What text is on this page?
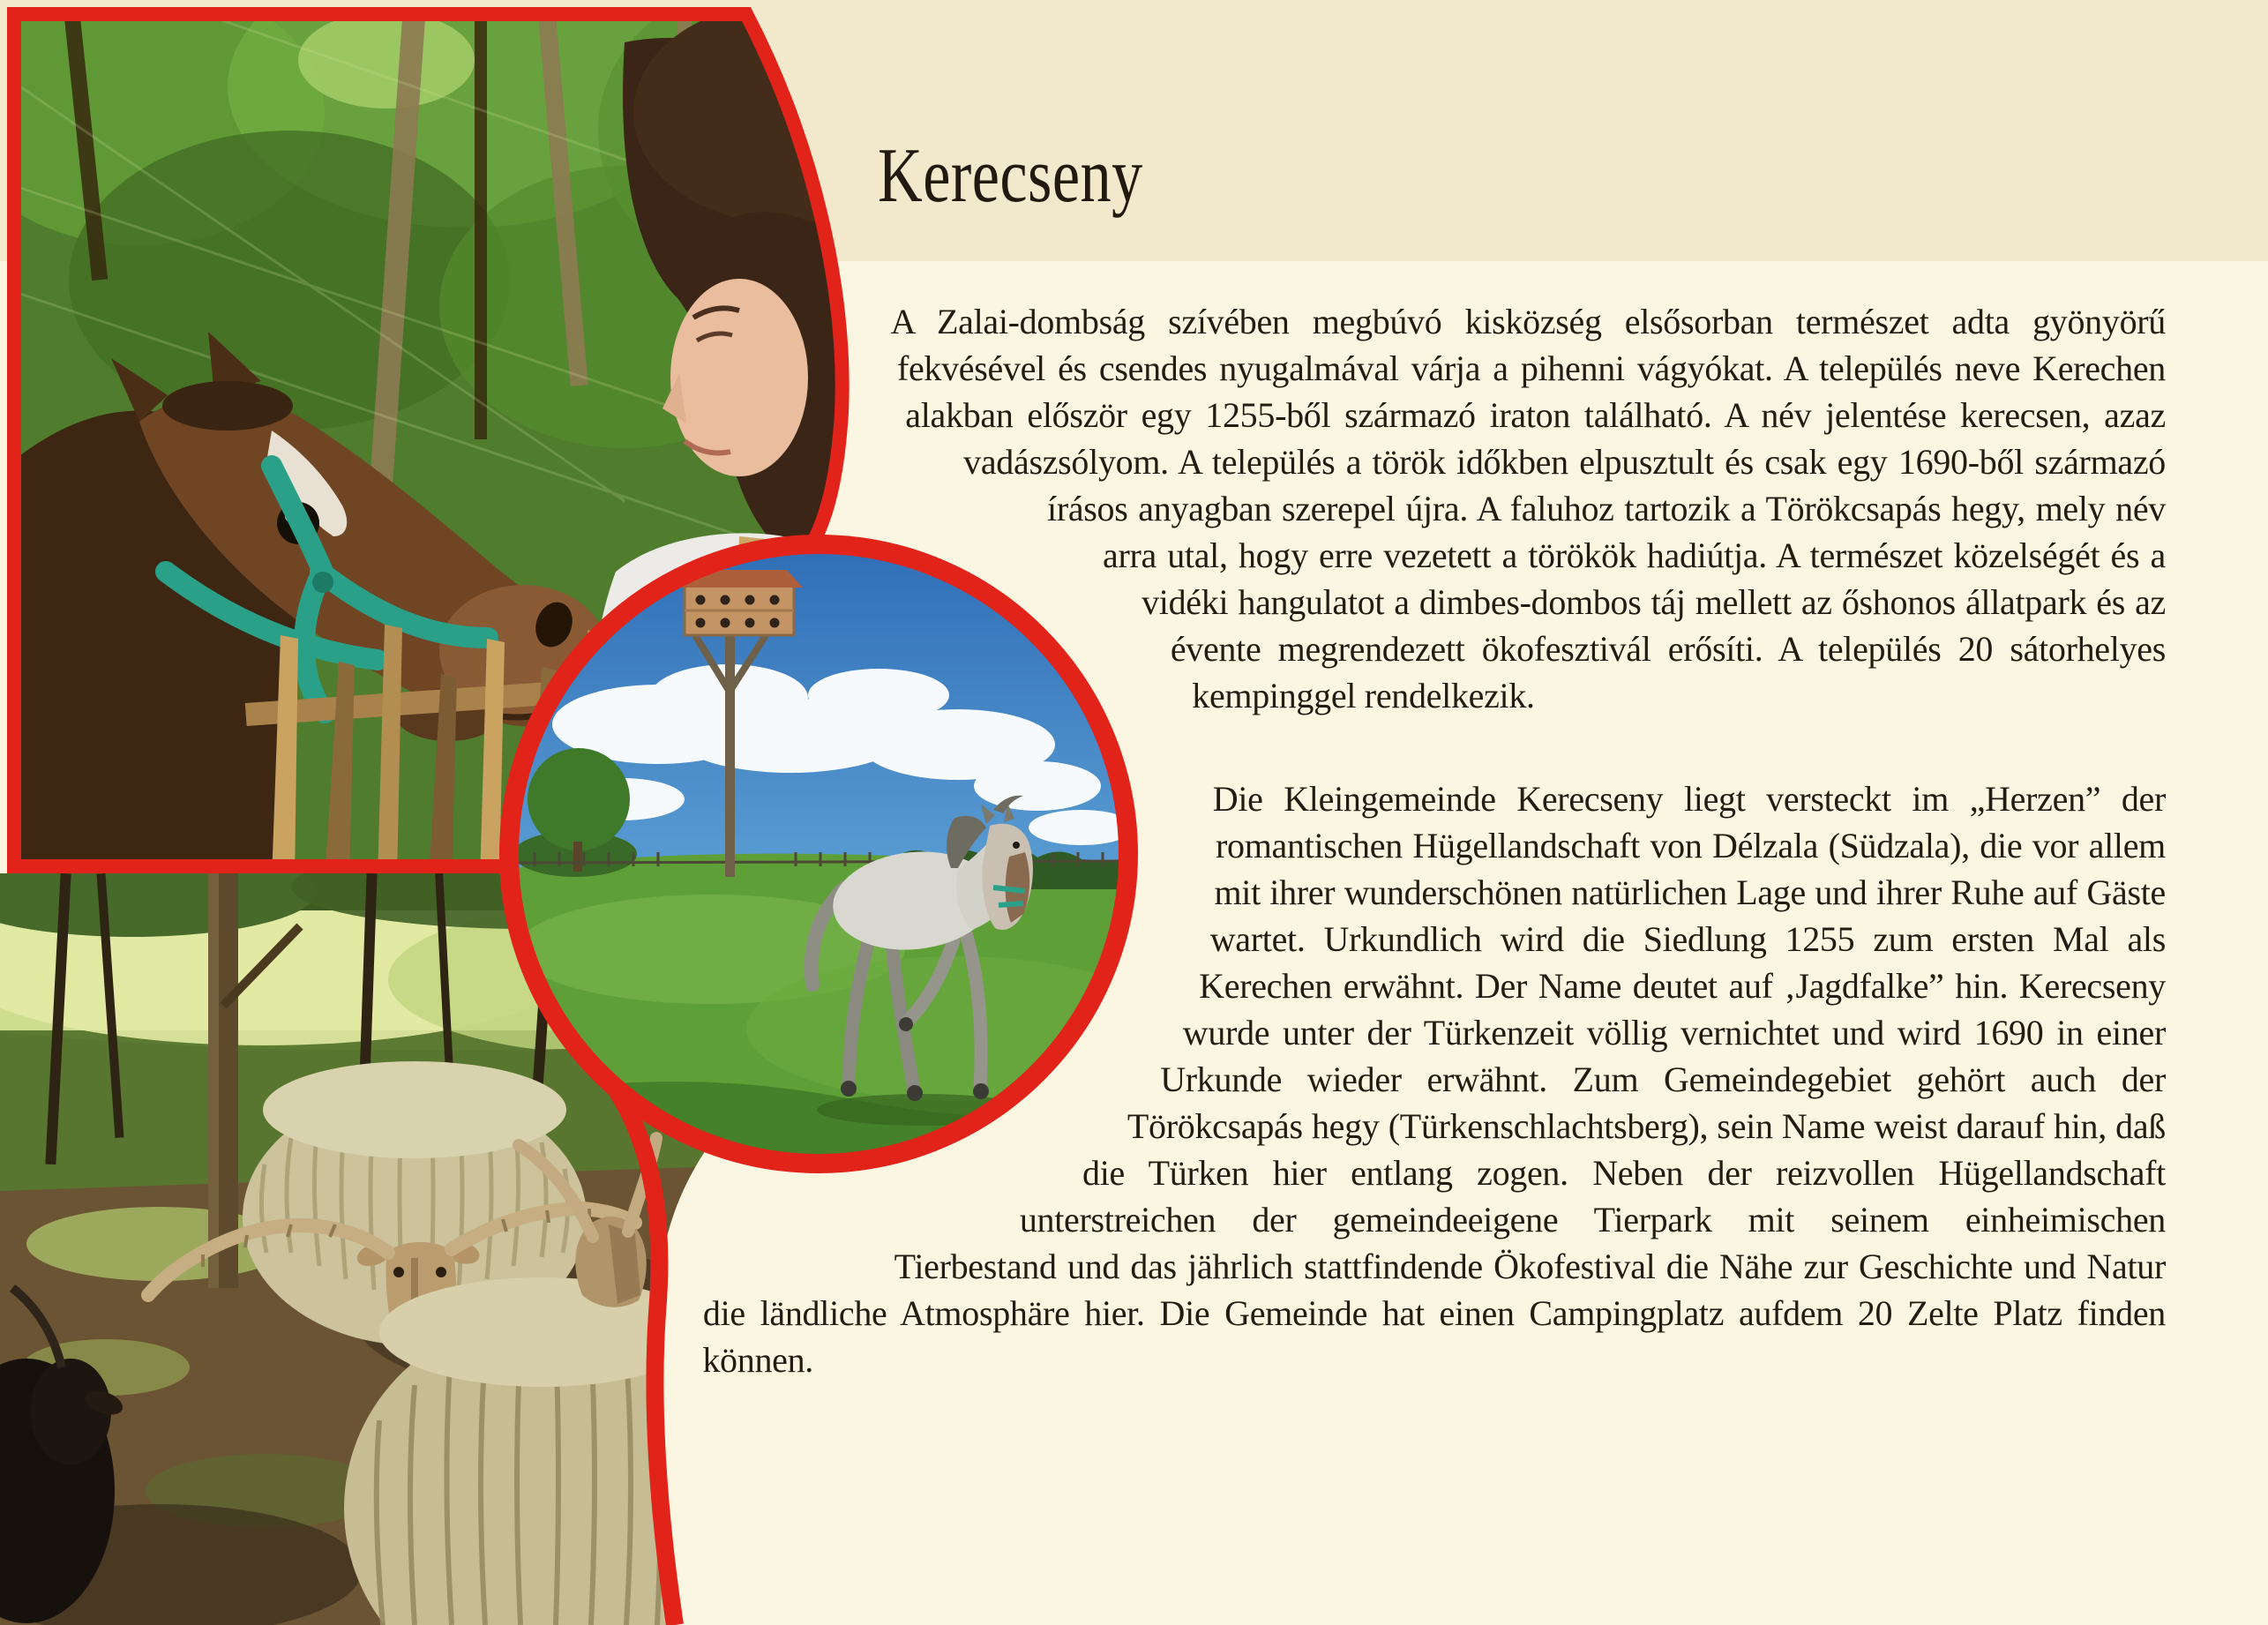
Kerecseny

A Zalai-dombság szívében megbúvó kisközség elsősorban természet adta gyönyörű fekvésével és csendes nyugalmával várja a pihenni vágyókat. A település neve Kerechen alakban először egy 1255-ből származó iraton található. A név jelentése kerecsen, azaz vadászsólyom. A település a török időkben elpusztult és csak egy 1690-ből származó írásos anyagban szerepel újra. A faluhoz tartozik a Törökcsapás hegy, mely név arra utal, hogy erre vezetett a törökök hadiútja. A természet közelségét és a vidéki hangulatot a dimbes-dombos táj mellett az őshonos állatpark és az évente megrendezett ökofesztivál erősíti. A település 20 sátorhelyes kempinggel rendelkezik.

Die Kleingemeinde Kerecseny liegt versteckt im „Herzen” der romantischen Hügellandschaft von Délzala (Südzala), die vor allem mit ihrer wunderschönen natürlichen Lage und ihrer Ruhe auf Gäste wartet. Urkundlich wird die Siedlung 1255 zum ersten Mal als Kerechen erwähnt. Der Name deutet auf ‚Jagdfalke” hin. Kerecseny wurde unter der Türkenzeit völlig vernichtet und wird 1690 in einer Urkunde wieder erwähnt. Zum Gemeindegebiet gehört auch der Törökcsapás hegy (Türkenschlachtsberg), sein Name weist darauf hin, daß die Türken hier entlang zogen. Neben der reizvollen Hügellandschaft unterstreichen der gemeindeeigene Tierpark mit seinem einheimischen Tierbestand und das jährlich stattfindende Ökofestival die Nähe zur Geschichte und Natur die ländliche Atmosphäre hier. Die Gemeinde hat einen Campingplatz aufdem 20 Zelte Platz finden können.
